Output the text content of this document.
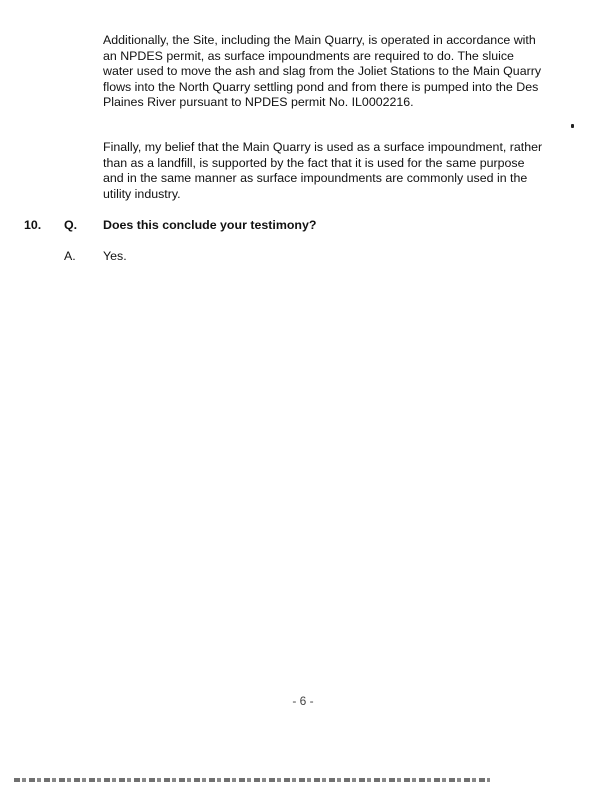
Additionally, the Site, including the Main Quarry, is operated in accordance with an NPDES permit, as surface impoundments are required to do. The sluice water used to move the ash and slag from the Joliet Stations to the Main Quarry flows into the North Quarry settling pond and from there is pumped into the Des Plaines River pursuant to NPDES permit No. IL0002216.
Finally, my belief that the Main Quarry is used as a surface impoundment, rather than as a landfill, is supported by the fact that it is used for the same purpose and in the same manner as surface impoundments are commonly used in the utility industry.
10. Q. Does this conclude your testimony?
A. Yes.
- 6 -
